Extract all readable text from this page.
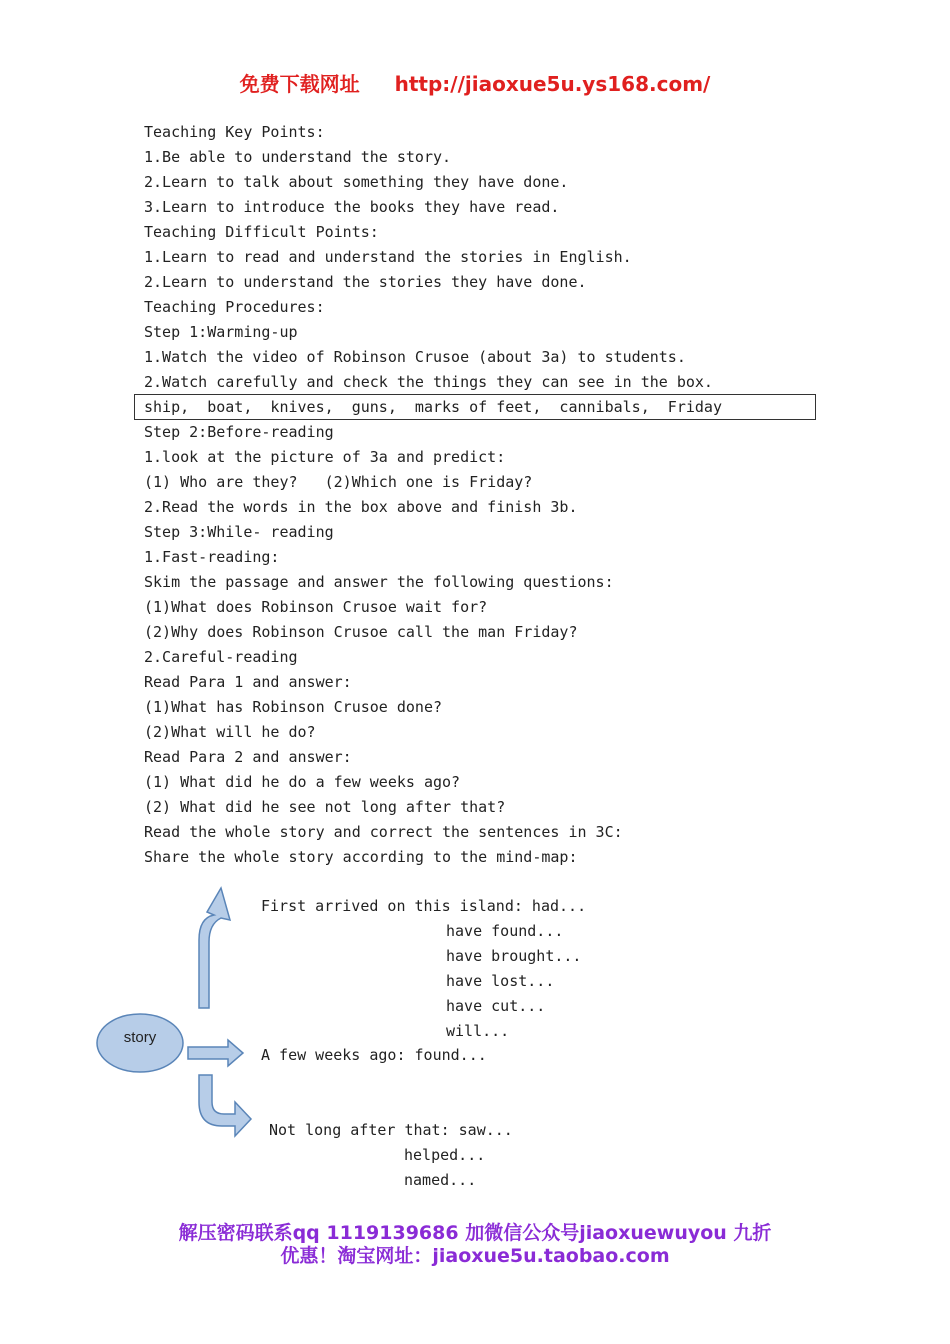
免费下载网址 http://jiaoxue5u.ys168.com/
Teaching Key Points:
1.Be able to understand the story.
2.Learn to talk about something they have done.
3.Learn to introduce the books they have read.
Teaching Difficult Points:
1.Learn to read and understand the stories in English.
2.Learn to understand the stories they have done.
Teaching Procedures:
Step 1:Warming-up
1.Watch the video of Robinson Crusoe (about 3a) to students.
2.Watch carefully and check the things they can see in the box.
ship,  boat,  knives,  guns,  marks of feet,  cannibals,  Friday
Step 2:Before-reading
1.look at the picture of 3a and predict:
(1) Who are they?   (2)Which one is Friday?
2.Read the words in the box above and finish 3b.
Step 3:While- reading
1.Fast-reading:
Skim the passage and answer the following questions:
(1)What does Robinson Crusoe wait for?
(2)Why does Robinson Crusoe call the man Friday?
2.Careful-reading
Read Para 1 and answer:
(1)What has Robinson Crusoe done?
(2)What will he do?
Read Para 2 and answer:
(1) What did he do a few weeks ago?
(2) What did he see not long after that?
Read the whole story and correct the sentences in 3C:
Share the whole story according to the mind-map:
story
First arrived on this island: had...
have found...
have brought...
have lost...
have cut...
will...
A few weeks ago: found...
Not long after that: saw...
helped...
named...
解压密码联系qq 1119139686 加微信公众号jiaoxuewuyou 九折
优惠！淘宝网址：jiaoxue5u.taobao.com
